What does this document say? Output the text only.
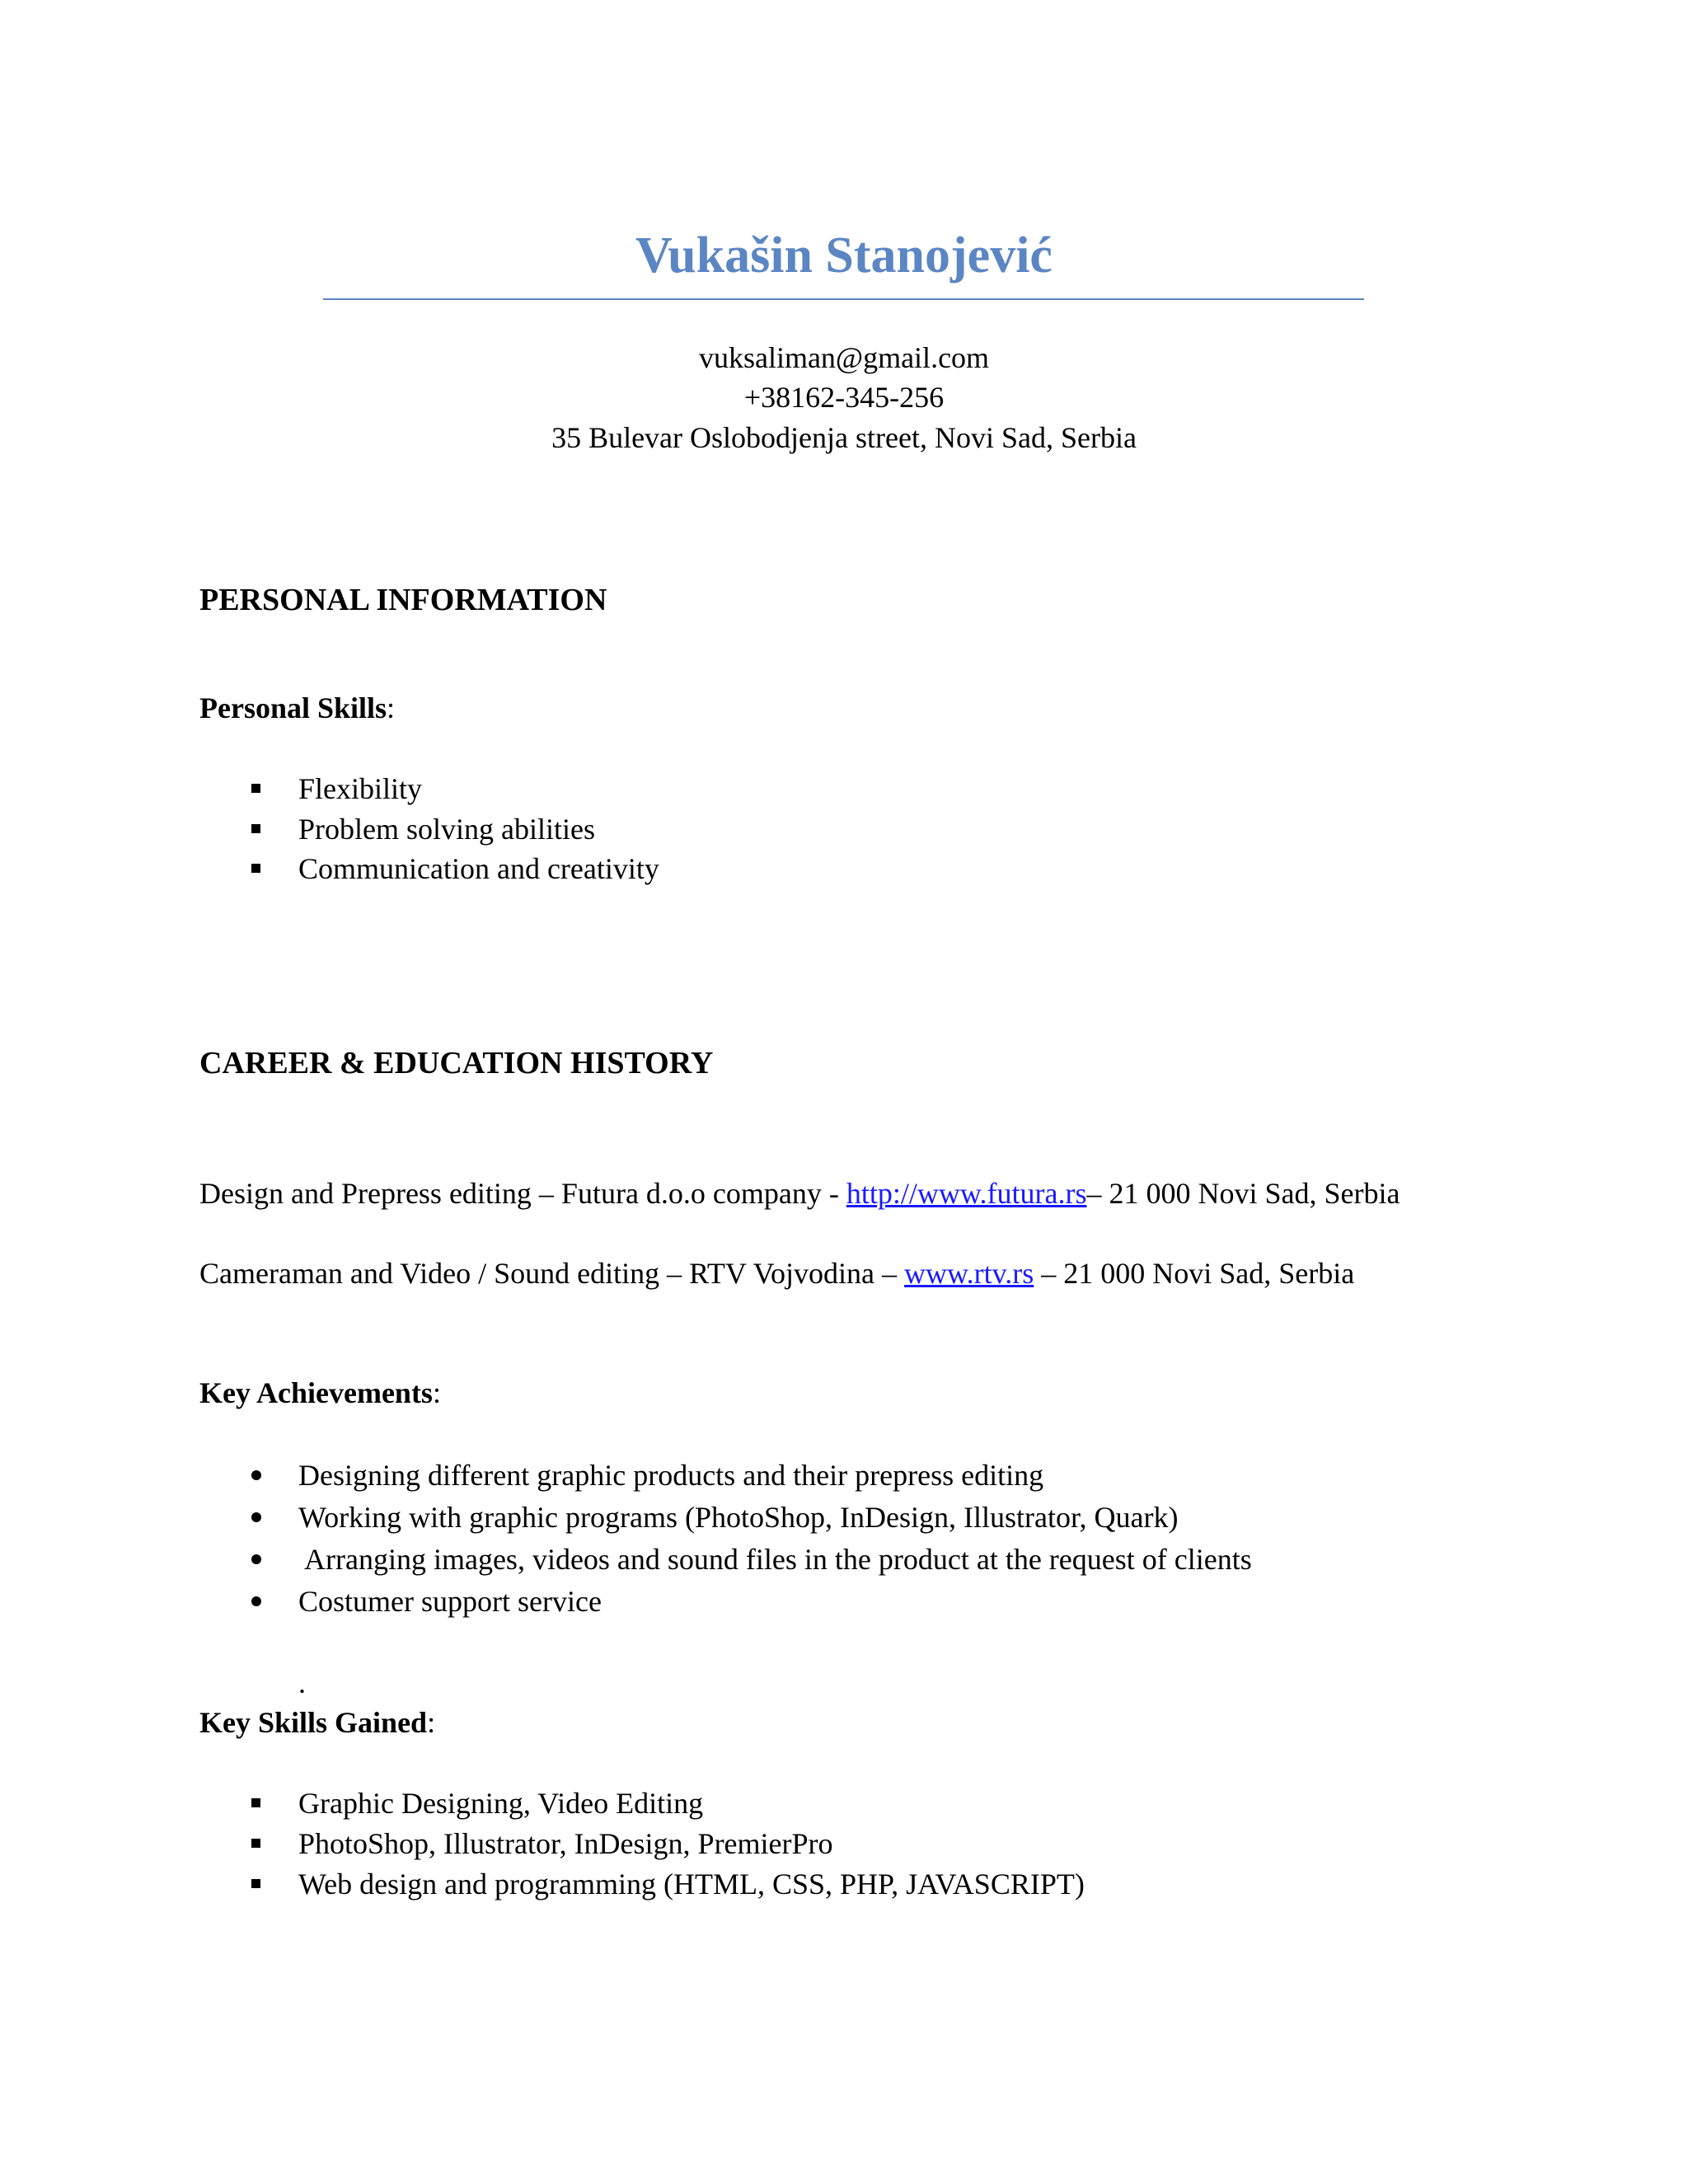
Vukašin Stanojević
vuksaliman@gmail.com
+38162-345-256
35 Bulevar Oslobodjenja street, Novi Sad, Serbia
PERSONAL INFORMATION
Personal Skills:
Flexibility
Problem solving abilities
Communication and creativity
CAREER & EDUCATION HISTORY
Design and Prepress editing – Futura d.o.o company - http://www.futura.rs– 21 000 Novi Sad, Serbia
Cameraman and Video / Sound editing – RTV Vojvodina – www.rtv.rs – 21 000 Novi Sad, Serbia
Key Achievements:
Designing different graphic products and their prepress editing
Working with graphic programs (PhotoShop, InDesign, Illustrator, Quark)
Arranging images, videos and sound files in the product at the request of clients
Costumer support service
.
Key Skills Gained:
Graphic Designing, Video Editing
PhotoShop, Illustrator, InDesign, PremierPro
Web design and programming (HTML, CSS, PHP, JAVASCRIPT)
